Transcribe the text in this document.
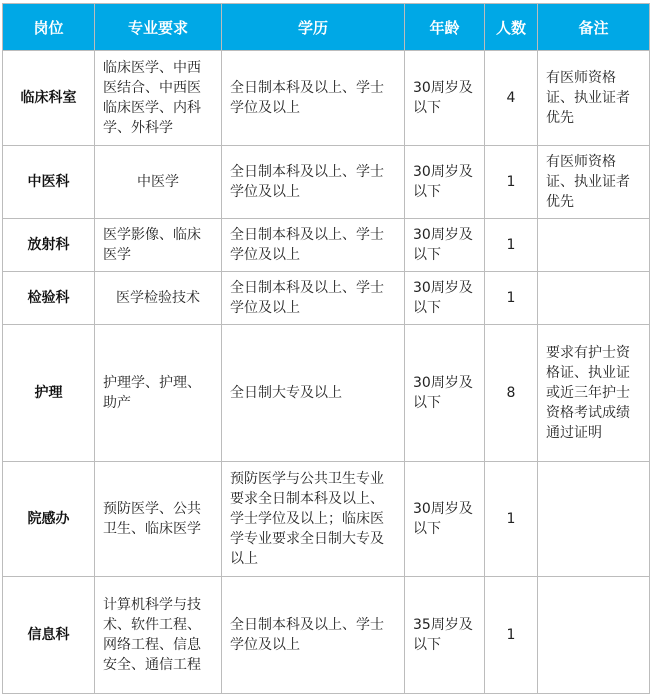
岗位	专业要求	学历	年龄	人数	备注
临床科室	临床医学、中西医结合、中西医临床医学、内科学、外科学	全日制本科及以上、学士学位及以上	30周岁及以下	4	有医师资格证、执业证者优先
中医科	中医学	全日制本科及以上、学士学位及以上	30周岁及以下	1	有医师资格证、执业证者优先
放射科	医学影像、临床医学	全日制本科及以上、学士学位及以上	30周岁及以下	1	
检验科	医学检验技术	全日制本科及以上、学士学位及以上	30周岁及以下	1	
护理	护理学、护理、助产	全日制大专及以上	30周岁及以下	8	要求有护士资格证、执业证或近三年护士资格考试成绩通过证明
院感办	预防医学、公共卫生、临床医学	预防医学与公共卫生专业要求全日制本科及以上、学士学位及以上；临床医学专业要求全日制大专及以上	30周岁及以下	1	
信息科	计算机科学与技术、软件工程、网络工程、信息安全、通信工程	全日制本科及以上、学士学位及以上	35周岁及以下	1	
